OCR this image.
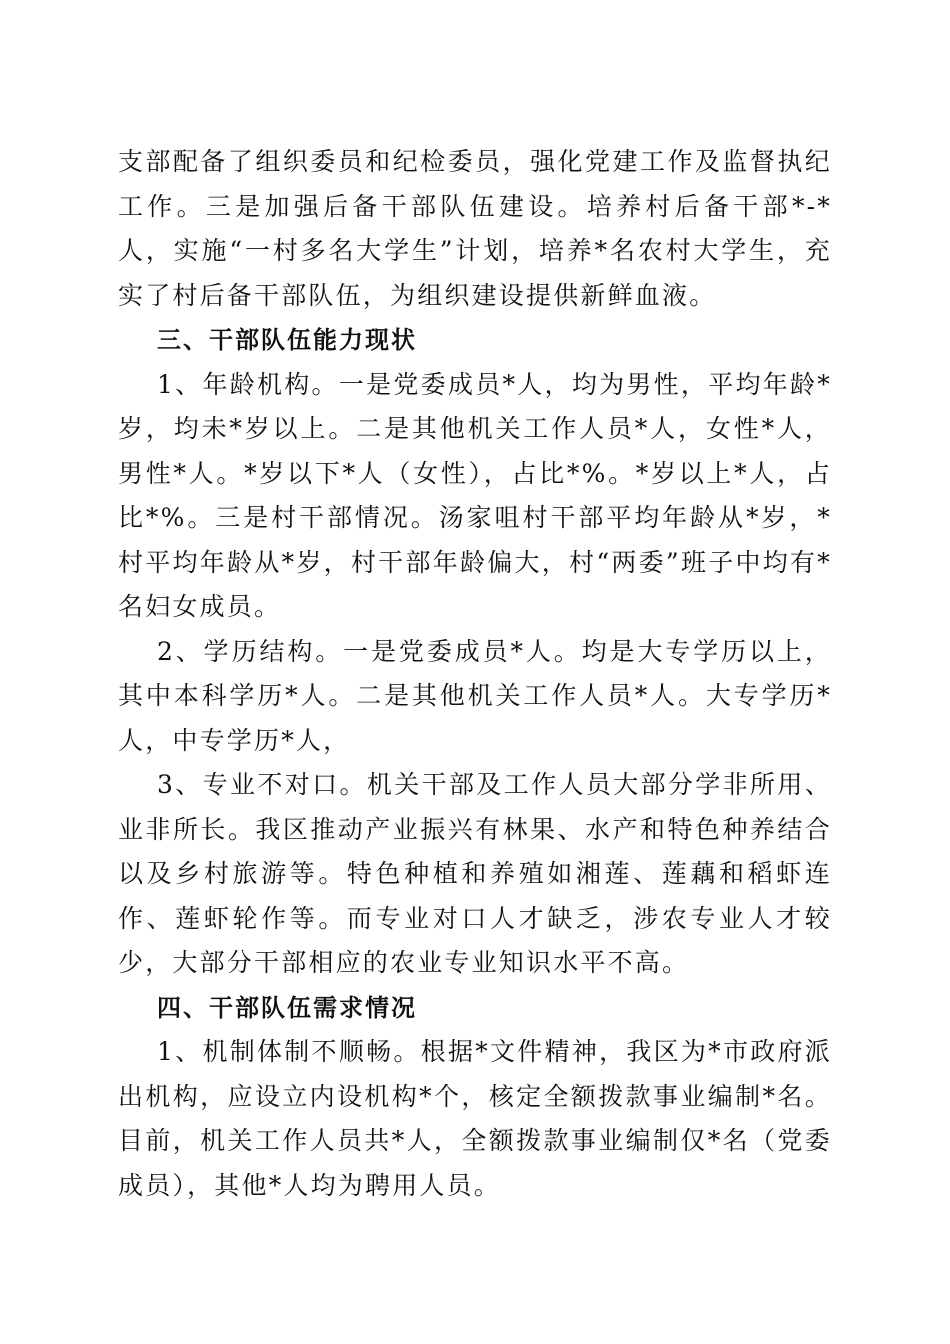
支部配备了组织委员和纪检委员，强化党建工作及监督执纪工作。三是加强后备干部队伍建设。培养村后备干部*-*人，实施“一村多名大学生”计划，培养*名农村大学生，充实了村后备干部队伍，为组织建设提供新鲜血液。

三、干部队伍能力现状

1、年龄机构。一是党委成员*人，均为男性，平均年龄*岁，均未*岁以上。二是其他机关工作人员*人，女性*人，男性*人。*岁以下*人（女性），占比*%。*岁以上*人，占比*%。三是村干部情况。汤家咀村干部平均年龄从*岁，*村平均年龄从*岁，村干部年龄偏大，村“两委”班子中均有*名妇女成员。

2、学历结构。一是党委成员*人。均是大专学历以上，其中本科学历*人。二是其他机关工作人员*人。大专学历*人，中专学历*人，

3、专业不对口。机关干部及工作人员大部分学非所用、业非所长。我区推动产业振兴有林果、水产和特色种养结合以及乡村旅游等。特色种植和养殖如湘莲、莲藕和稻虾连作、莲虾轮作等。而专业对口人才缺乏，涉农专业人才较少，大部分干部相应的农业专业知识水平不高。

四、干部队伍需求情况

1、机制体制不顺畅。根据*文件精神，我区为*市政府派出机构，应设立内设机构*个，核定全额拨款事业编制*名。目前，机关工作人员共*人，全额拨款事业编制仅*名（党委成员），其他*人均为聘用人员。
